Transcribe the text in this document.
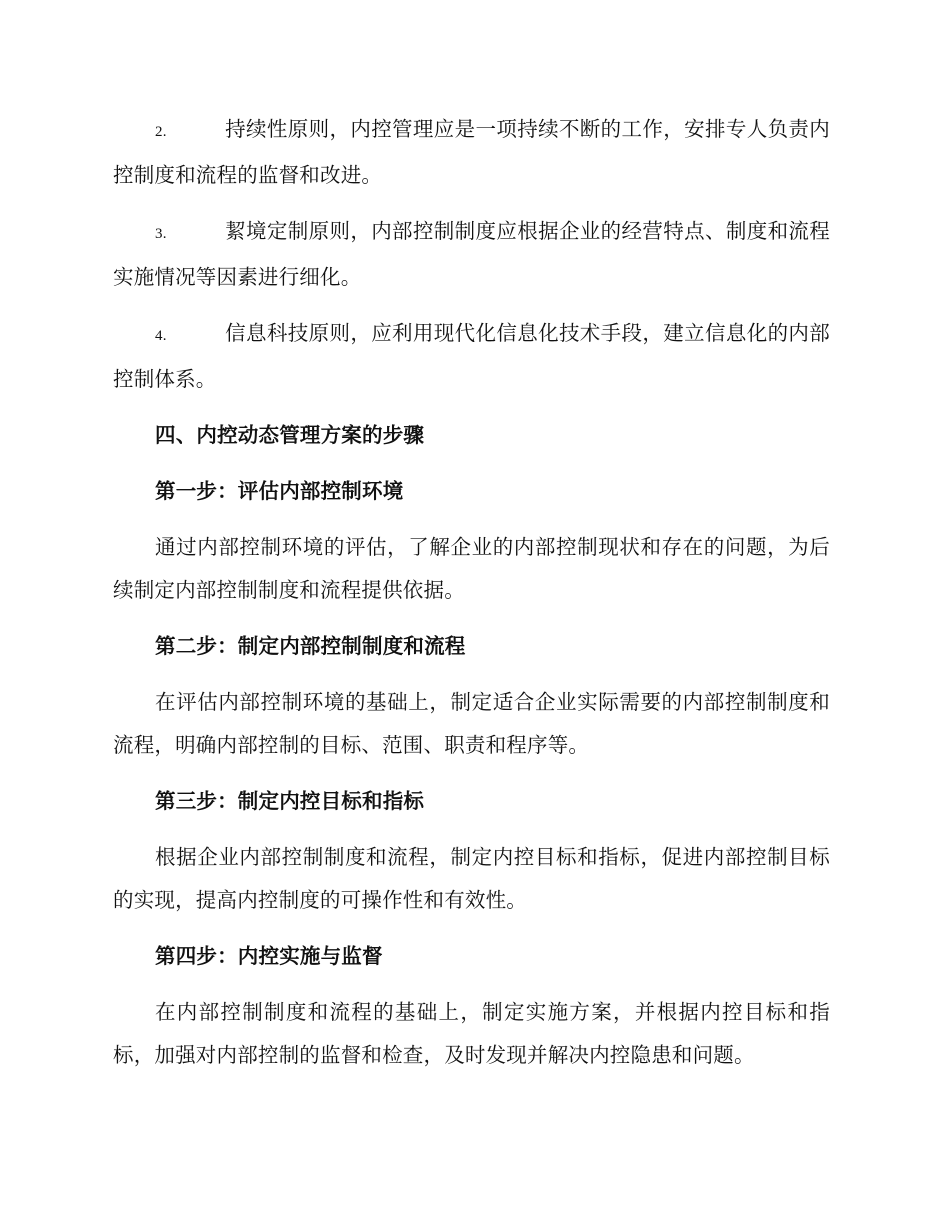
2.	持续性原则，内控管理应是一项持续不断的工作，安排专人负责内控制度和流程的监督和改进。

3.	絜境定制原则，内部控制制度应根据企业的经营特点、制度和流程实施情况等因素进行细化。

4.	信息科技原则，应利用现代化信息化技术手段，建立信息化的内部控制体系。

四、内控动态管理方案的步骤

第一步：评估内部控制环境

通过内部控制环境的评估，了解企业的内部控制现状和存在的问题，为后续制定内部控制制度和流程提供依据。

第二步：制定内部控制制度和流程

在评估内部控制环境的基础上，制定适合企业实际需要的内部控制制度和流程，明确内部控制的目标、范围、职责和程序等。

第三步：制定内控目标和指标

根据企业内部控制制度和流程，制定内控目标和指标，促进内部控制目标的实现，提高内控制度的可操作性和有效性。

第四步：内控实施与监督

在内部控制制度和流程的基础上，制定实施方案，并根据内控目标和指标，加强对内部控制的监督和检查，及时发现并解决内控隐患和问题。
